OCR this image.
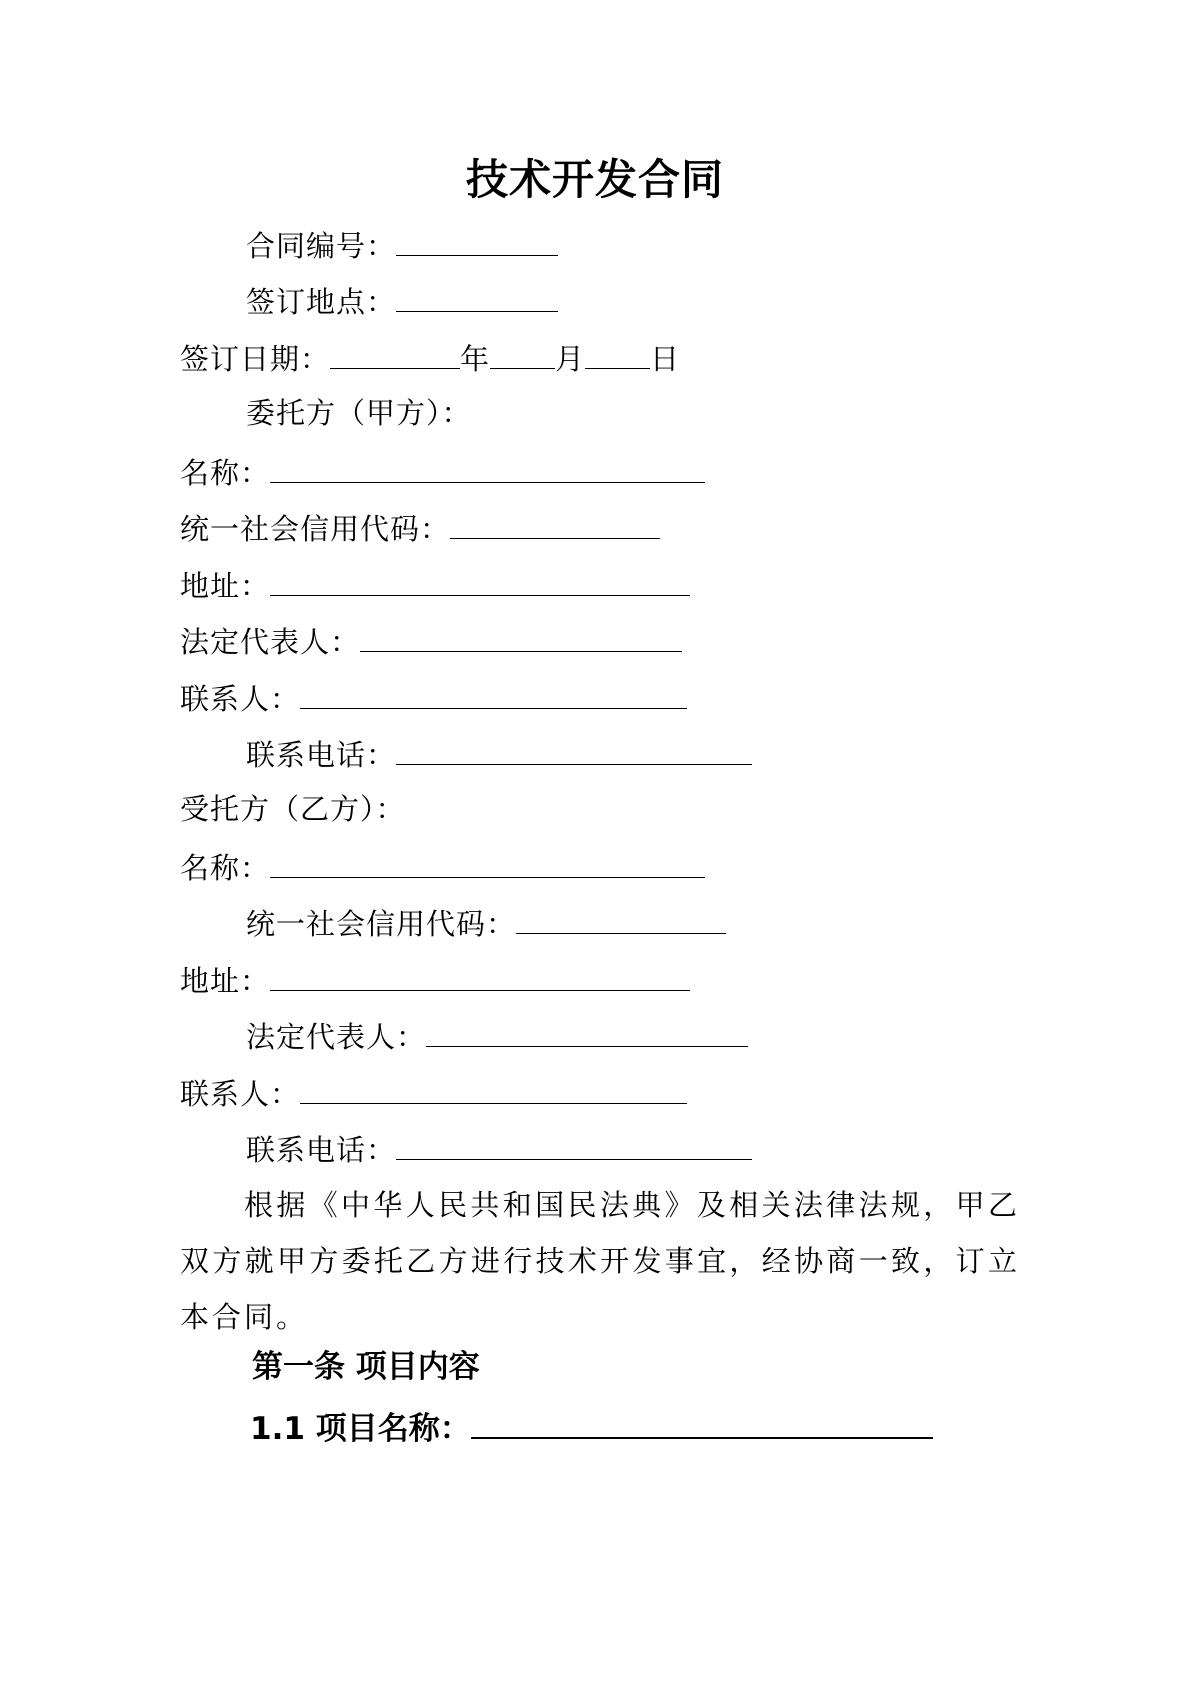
技术开发合同
合同编号：
签订地点：
签订日期：	年 月 日
委托方（甲方）：
名称：
统一社会信用代码：
地址：
法定代表人：
联系人：
联系电话：
受托方（乙方）：
名称：
统一社会信用代码：
地址：
法定代表人：
联系人：
联系电话：
根据《中华人民共和国民法典》及相关法律法规，甲乙双方就甲方委托乙方进行技术开发事宜，经协商一致，订立本合同。
第一条 项目内容
1.1 项目名称：
